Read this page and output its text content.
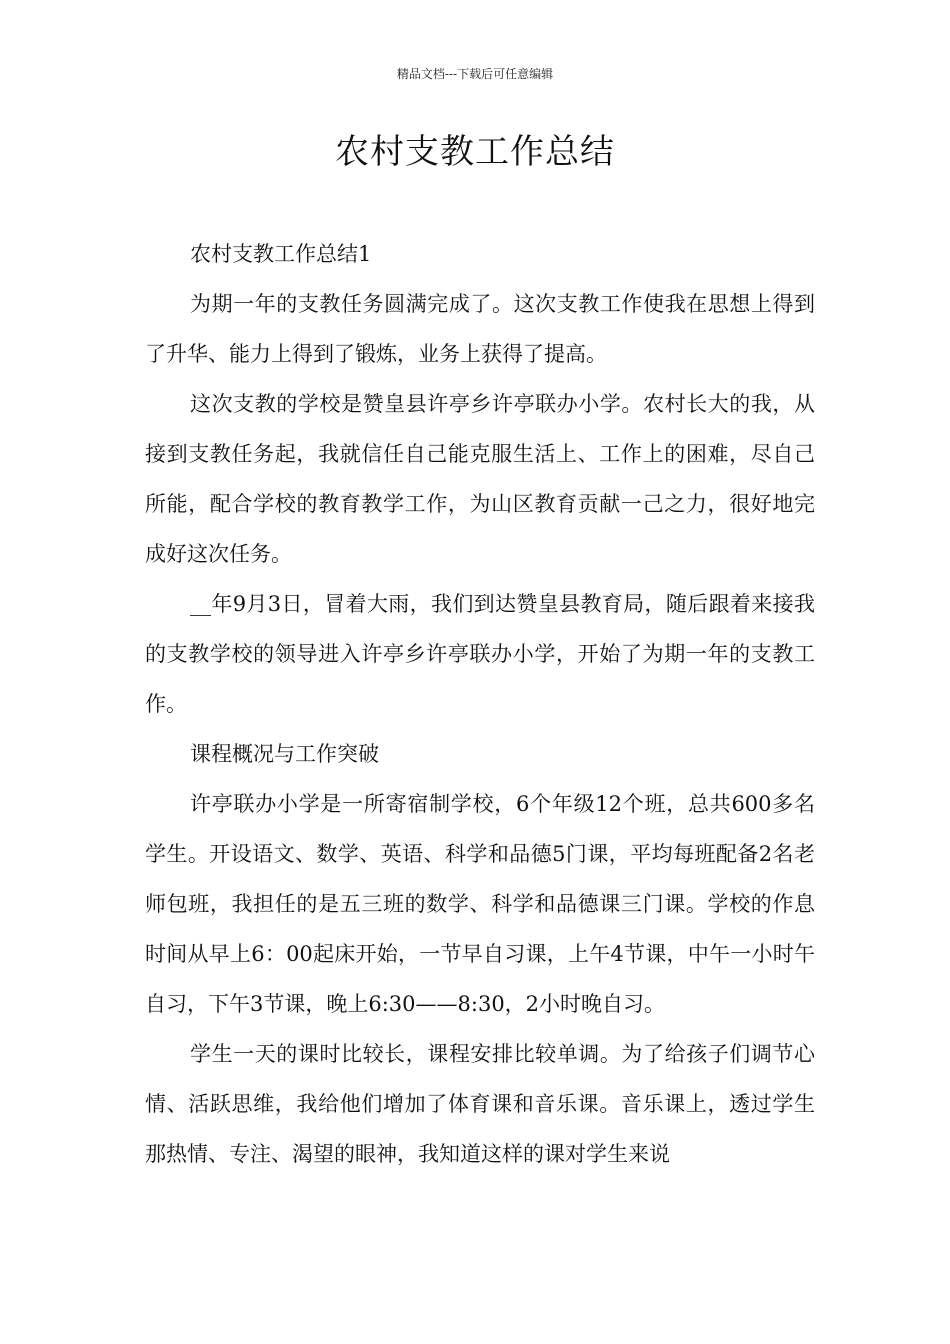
精品文档---下载后可任意编辑
农村支教工作总结

农村支教工作总结1

为期一年的支教任务圆满完成了。这次支教工作使我在思想上得到了升华、能力上得到了锻炼，业务上获得了提高。

这次支教的学校是赞皇县许亭乡许亭联办小学。农村长大的我，从接到支教任务起，我就信任自己能克服生活上、工作上的困难，尽自己所能，配合学校的教育教学工作，为山区教育贡献一己之力，很好地完成好这次任务。

__年9月3日，冒着大雨，我们到达赞皇县教育局，随后跟着来接我的支教学校的领导进入许亭乡许亭联办小学，开始了为期一年的支教工作。

课程概况与工作突破

许亭联办小学是一所寄宿制学校，6个年级12个班，总共600多名学生。开设语文、数学、英语、科学和品德5门课，平均每班配备2名老师包班，我担任的是五三班的数学、科学和品德课三门课。学校的作息时间从早上6：00起床开始，一节早自习课，上午4节课，中午一小时午自习，下午3节课，晚上6:30——8:30，2小时晚自习。

学生一天的课时比较长，课程安排比较单调。为了给孩子们调节心情、活跃思维，我给他们增加了体育课和音乐课。音乐课上，透过学生那热情、专注、渴望的眼神，我知道这样的课对学生来说
